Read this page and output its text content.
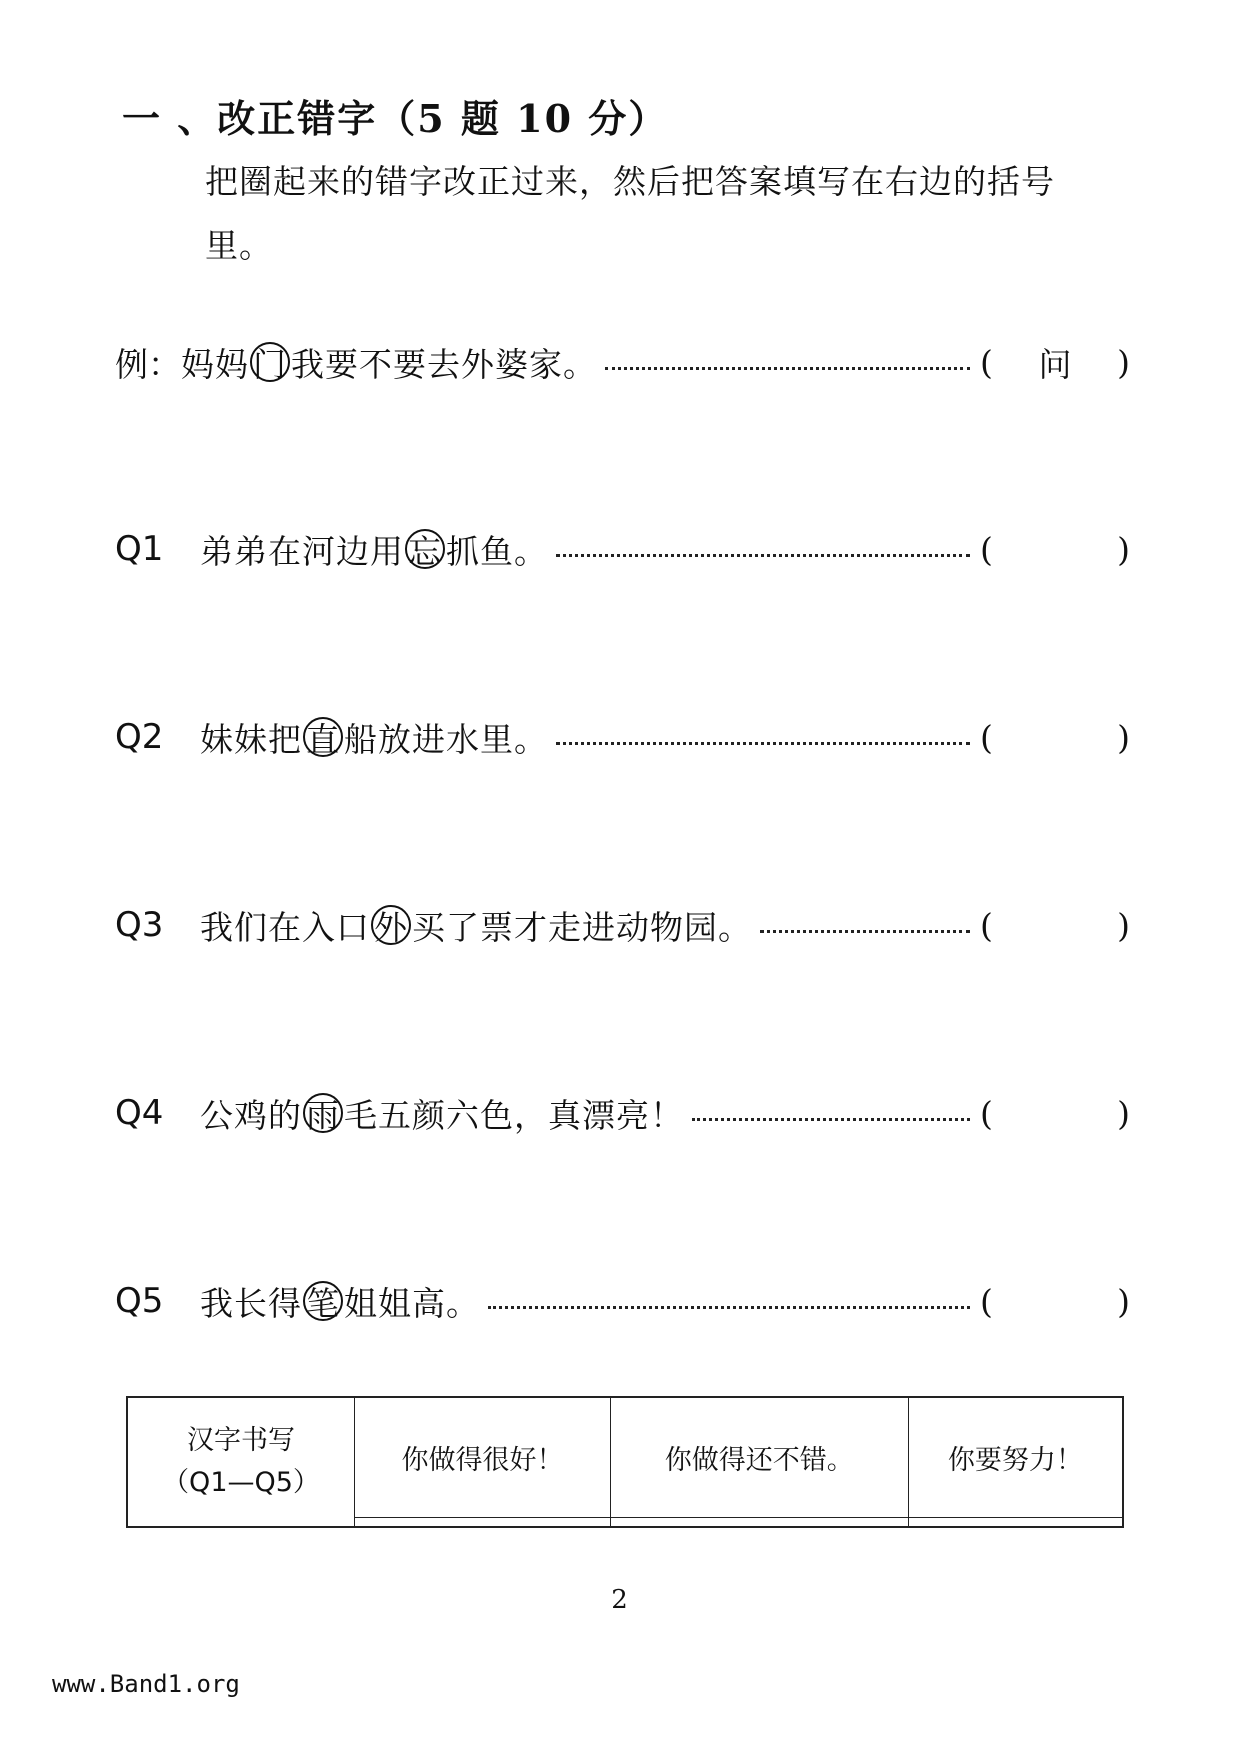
一 、改正错字（5 题 10 分）
把圈起来的错字改正过来，然后把答案填写在右边的括号里。
例： 妈妈 门 我要不要去外婆家。	(	问	)
Q1	弟弟在河边用 忘 抓鱼。	(	)
Q2	妹妹把 直 船放进水里。	(	)
Q3	我们在入口 外 买了票才走进动物园。	(	)
Q4	公鸡的 雨 毛五颜六色，真漂亮！	(	)
Q5	我长得 笔 姐姐高。	(	)
汉字书写
（Q1—Q5）	你做得很好！	你做得还不错。	你要努力！

2
www.Band1.org
